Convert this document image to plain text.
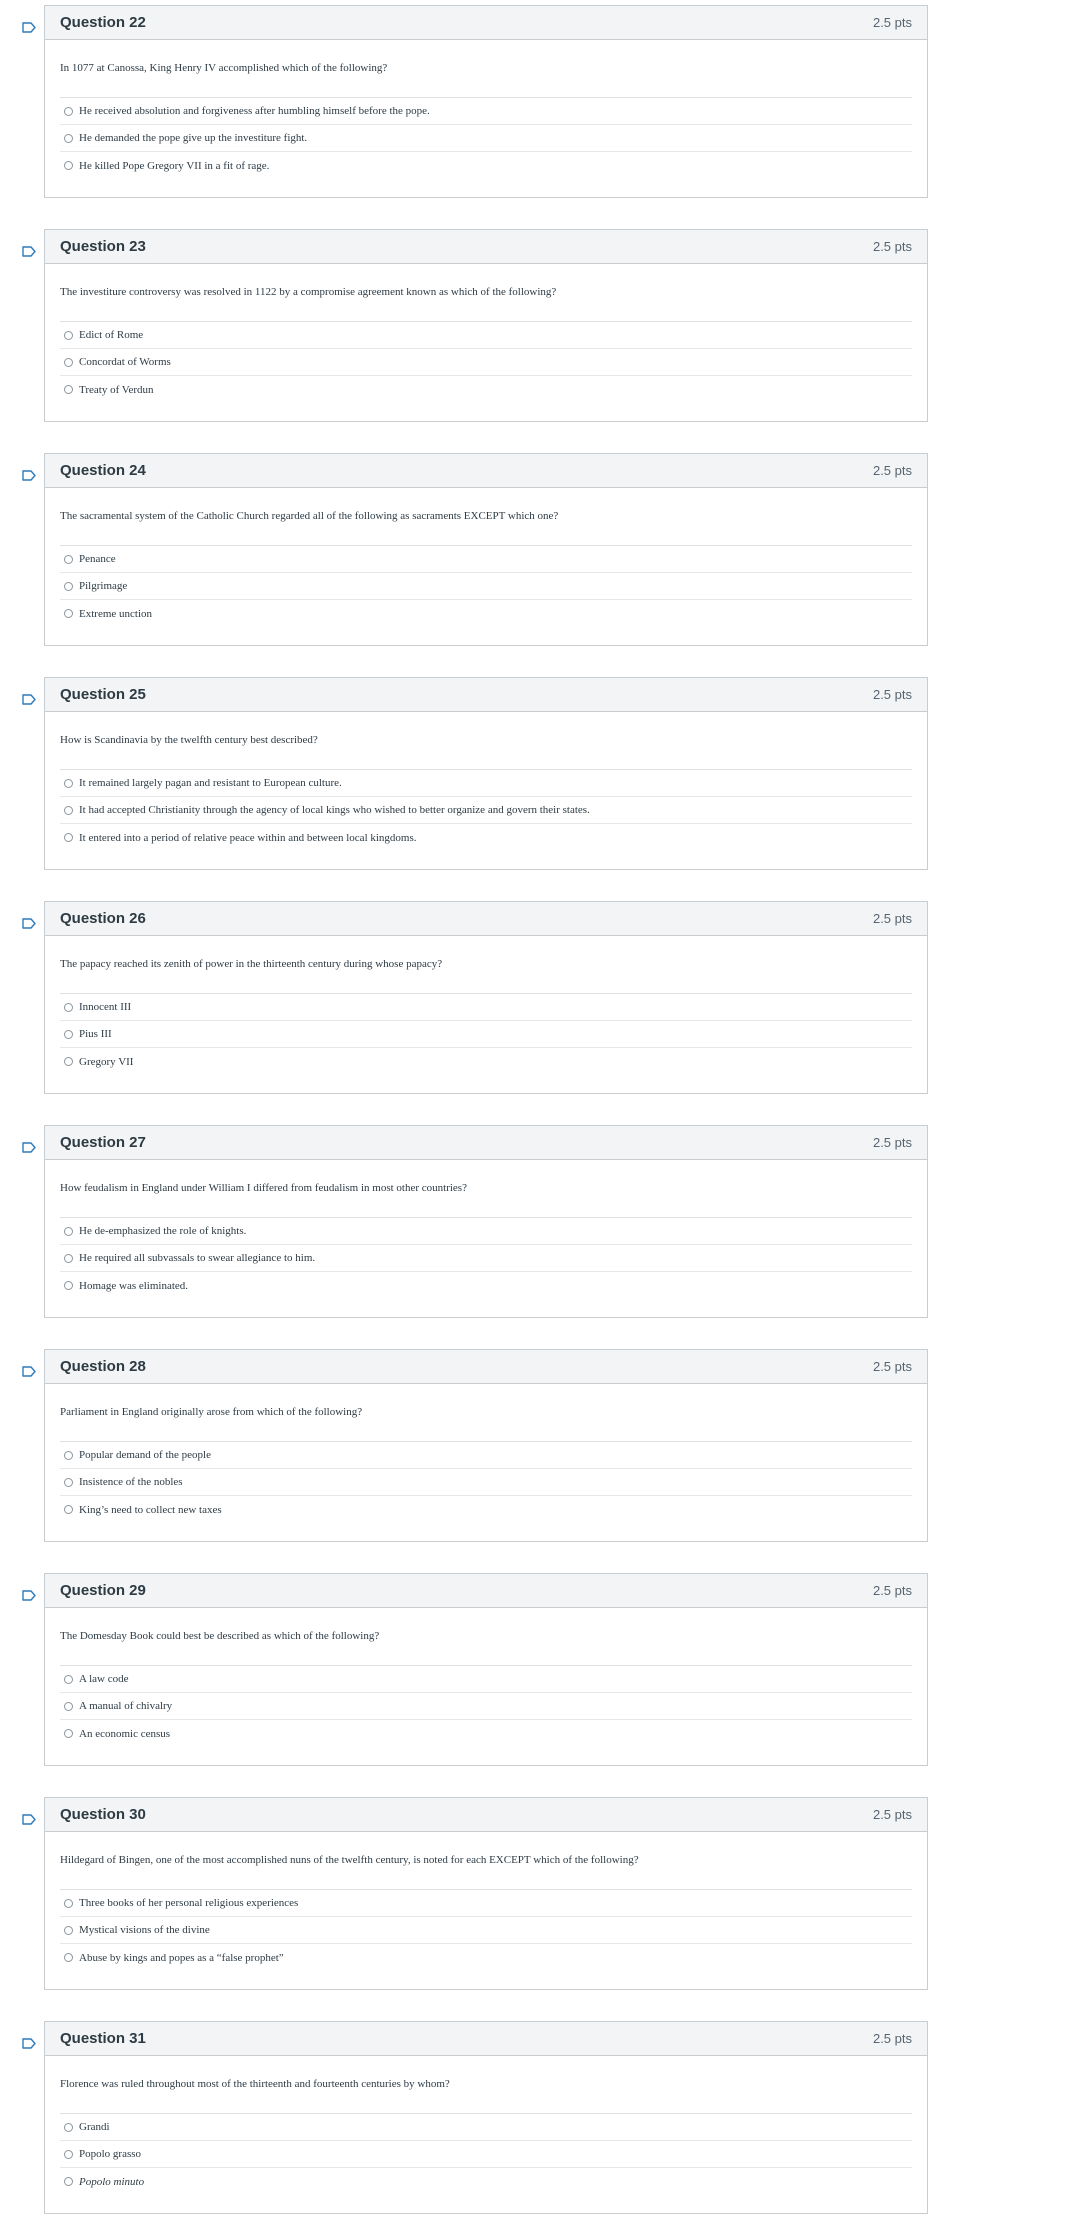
Question 22	2.5 pts

In 1077 at Canossa, King Henry IV accomplished which of the following?

He received absolution and forgiveness after humbling himself before the pope.
He demanded the pope give up the investiture fight.
He killed Pope Gregory VII in a fit of rage.
Question 23	2.5 pts

The investiture controversy was resolved in 1122 by a compromise agreement known as which of the following?

Edict of Rome
Concordat of Worms
Treaty of Verdun
Question 24	2.5 pts

The sacramental system of the Catholic Church regarded all of the following as sacraments EXCEPT which one?

Penance
Pilgrimage
Extreme unction
Question 25	2.5 pts

How is Scandinavia by the twelfth century best described?

It remained largely pagan and resistant to European culture.
It had accepted Christianity through the agency of local kings who wished to better organize and govern their states.
It entered into a period of relative peace within and between local kingdoms.
Question 26	2.5 pts

The papacy reached its zenith of power in the thirteenth century during whose papacy?

Innocent III
Pius III
Gregory VII
Question 27	2.5 pts

How feudalism in England under William I differed from feudalism in most other countries?

He de-emphasized the role of knights.
He required all subvassals to swear allegiance to him.
Homage was eliminated.
Question 28	2.5 pts

Parliament in England originally arose from which of the following?

Popular demand of the people
Insistence of the nobles
King’s need to collect new taxes
Question 29	2.5 pts

The Domesday Book could best be described as which of the following?

A law code
A manual of chivalry
An economic census
Question 30	2.5 pts

Hildegard of Bingen, one of the most accomplished nuns of the twelfth century, is noted for each EXCEPT which of the following?

Three books of her personal religious experiences
Mystical visions of the divine
Abuse by kings and popes as a “false prophet”
Question 31	2.5 pts

Florence was ruled throughout most of the thirteenth and fourteenth centuries by whom?

Grandi
Popolo grasso
Popolo minuto
